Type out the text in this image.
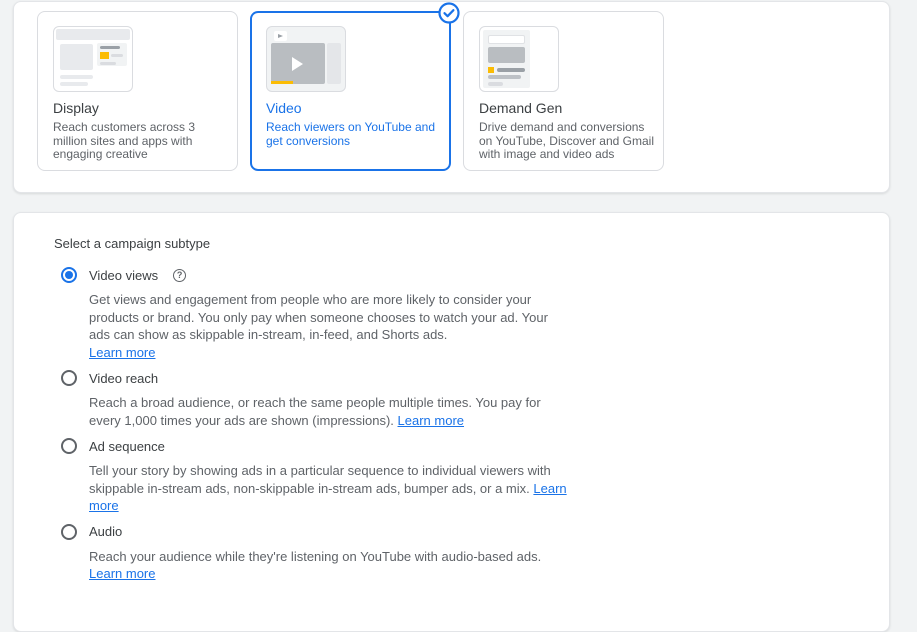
Display
Reach customers across 3 million sites and apps with engaging creative
Video
Reach viewers on YouTube and get conversions
Demand Gen
Drive demand and conversions on YouTube, Discover and Gmail with image and video ads
Select a campaign subtype
Video views	?
Get views and engagement from people who are more likely to consider your products or brand. You only pay when someone chooses to watch your ad. Your ads can show as skippable in-stream, in-feed, and Shorts ads.
Learn more
Video reach
Reach a broad audience, or reach the same people multiple times. You pay for every 1,000 times your ads are shown (impressions). Learn more
Ad sequence
Tell your story by showing ads in a particular sequence to individual viewers with skippable in-stream ads, non-skippable in-stream ads, bumper ads, or a mix. Learn more
Audio
Reach your audience while they're listening on YouTube with audio-based ads.
Learn more
